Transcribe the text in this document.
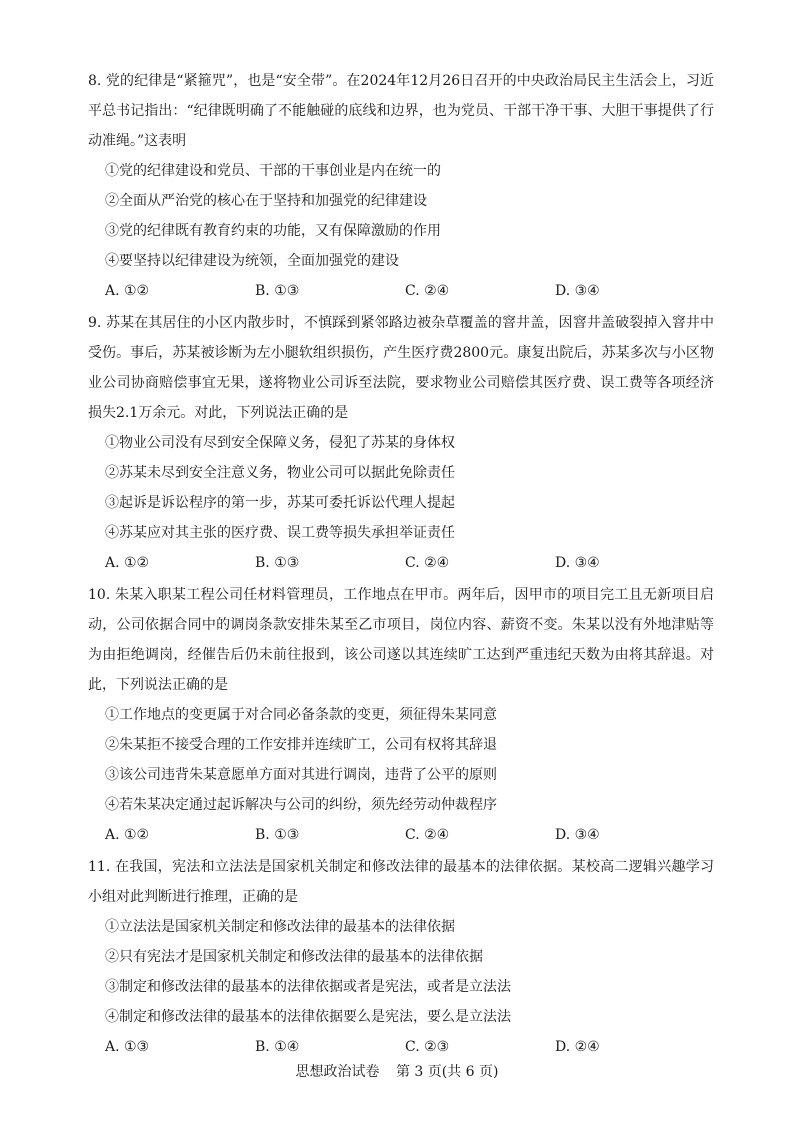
8. 党的纪律是“紧箍咒”，也是“安全带”。在2024年12月26日召开的中央政治局民主生活会上，习近平总书记指出：“纪律既明确了不能触碰的底线和边界，也为党员、干部干净干事、大胆干事提供了行动准绳。”这表明

①党的纪律建设和党员、干部的干事创业是内在统一的

②全面从严治党的核心在于坚持和加强党的纪律建设

③党的纪律既有教育约束的功能，又有保障激励的作用

④要坚持以纪律建设为统领，全面加强党的建设

A. ①②	B. ①③	C. ②④	D. ③④

9. 苏某在其居住的小区内散步时，不慎踩到紧邻路边被杂草覆盖的窨井盖，因窨井盖破裂掉入窨井中受伤。事后，苏某被诊断为左小腿软组织损伤，产生医疗费2800元。康复出院后，苏某多次与小区物业公司协商赔偿事宜无果，遂将物业公司诉至法院，要求物业公司赔偿其医疗费、误工费等各项经济损失2.1万余元。对此，下列说法正确的是

①物业公司没有尽到安全保障义务，侵犯了苏某的身体权

②苏某未尽到安全注意义务，物业公司可以据此免除责任

③起诉是诉讼程序的第一步，苏某可委托诉讼代理人提起

④苏某应对其主张的医疗费、误工费等损失承担举证责任

A. ①②	B. ①③	C. ②④	D. ③④

10. 朱某入职某工程公司任材料管理员，工作地点在甲市。两年后，因甲市的项目完工且无新项目启动，公司依据合同中的调岗条款安排朱某至乙市项目，岗位内容、薪资不变。朱某以没有外地津贴等为由拒绝调岗，经催告后仍未前往报到，该公司遂以其连续旷工达到严重违纪天数为由将其辞退。对此，下列说法正确的是

①工作地点的变更属于对合同必备条款的变更，须征得朱某同意

②朱某拒不接受合理的工作安排并连续旷工，公司有权将其辞退

③该公司违背朱某意愿单方面对其进行调岗，违背了公平的原则

④若朱某决定通过起诉解决与公司的纠纷，须先经劳动仲裁程序

A. ①②	B. ①③	C. ②④	D. ③④

11. 在我国，宪法和立法法是国家机关制定和修改法律的最基本的法律依据。某校高二逻辑兴趣学习小组对此判断进行推理，正确的是

①立法法是国家机关制定和修改法律的最基本的法律依据

②只有宪法才是国家机关制定和修改法律的最基本的法律依据

③制定和修改法律的最基本的法律依据或者是宪法，或者是立法法

④制定和修改法律的最基本的法律依据要么是宪法，要么是立法法

A. ①③	B. ①④	C. ②③	D. ②④
思想政治试卷 第 3 页(共 6 页)
